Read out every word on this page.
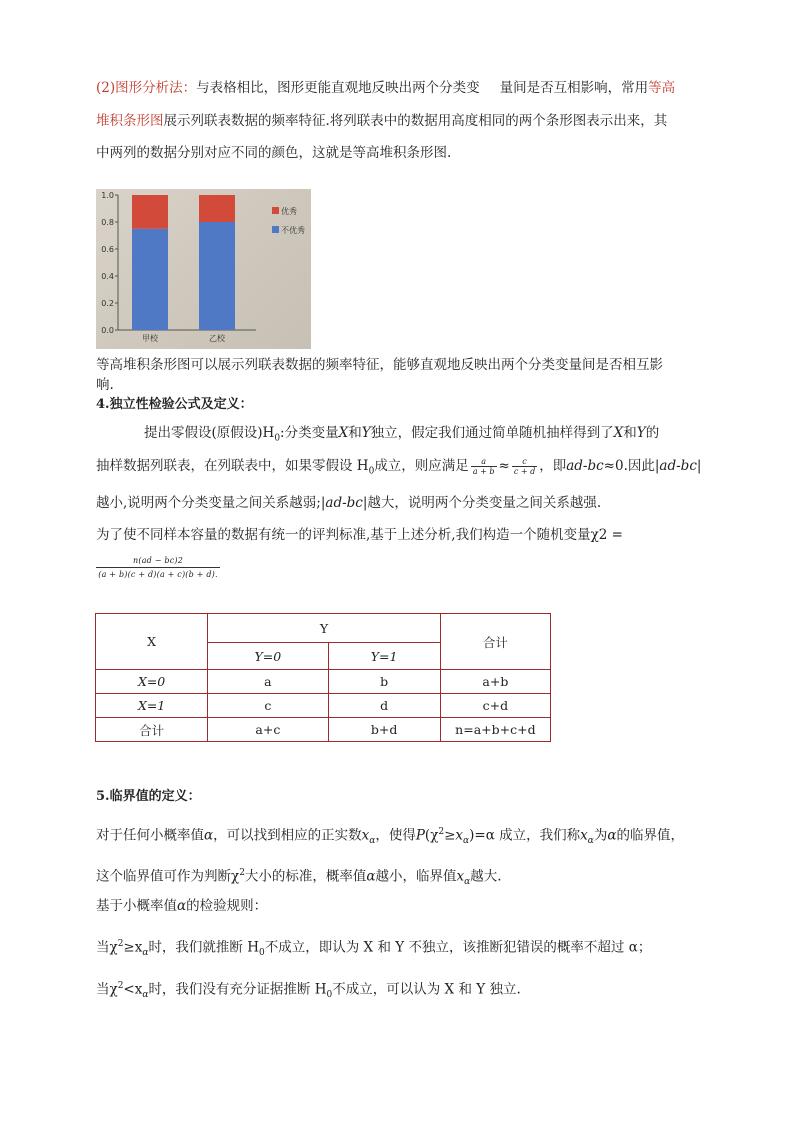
(2)图形分析法：与表格相比，图形更能直观地反映出两个分类变 量间是否互相影响，常用等高
堆积条形图展示列联表数据的频率特征.将列联表中的数据用高度相同的两个条形图表示出来，其
中两列的数据分别对应不同的颜色，这就是等高堆积条形图.
0.0
0.2
0.4
0.6
0.8
1.0
甲校	乙校
优秀
不优秀
等高堆积条形图可以展示列联表数据的频率特征，能够直观地反映出两个分类变量间是否相互影
响.
4.独立性检验公式及定义：
提出零假设(原假设)$H_0$:分类变量X和Y独立，假定我们通过简单随机抽样得到了X和Y的
抽样数据列联表，在列联表中，如果零假设 $H_0$成立，则应满足 $\frac{a}{a + b} \approx \frac{c}{c + d}$ ，即ad-bc≈0.因此|ad-bc|
越小,说明两个分类变量之间关系越弱;|ad-bc|越大，说明两个分类变量之间关系越强.
为了使不同样本容量的数据有统一的评判标准,基于上述分析,我们构造一个随机变量χ2 =
$\frac{n(ad - bc)2}{(a + b)(c + d)(a + c)(b + d).}$
X	Y		合计
	Y=0	Y=1	
X=0	a	b	a+b
X=1	c	d	c+d
合计	a+c	b+d	n=a+b+c+d
5.临界值的定义：
对于任何小概率值α，可以找到相应的正实数$x_\alpha$，使得$P(\chi^2\ge x_\alpha)=\alpha$ 成立，我们称$x_\alpha$为α的临界值，
这个临界值可作为判断$\chi^2$大小的标准，概率值α越小，临界值$x_\alpha$越大.
基于小概率值α的检验规则：
当$\chi^2\ge x_\alpha$时，我们就推断 $H_0$不成立，即认为 X 和 Y 不独立，该推断犯错误的概率不超过 α；
当$\chi^2<x_\alpha$时，我们没有充分证据推断 $H_0$不成立，可以认为 X 和 Y 独立.
